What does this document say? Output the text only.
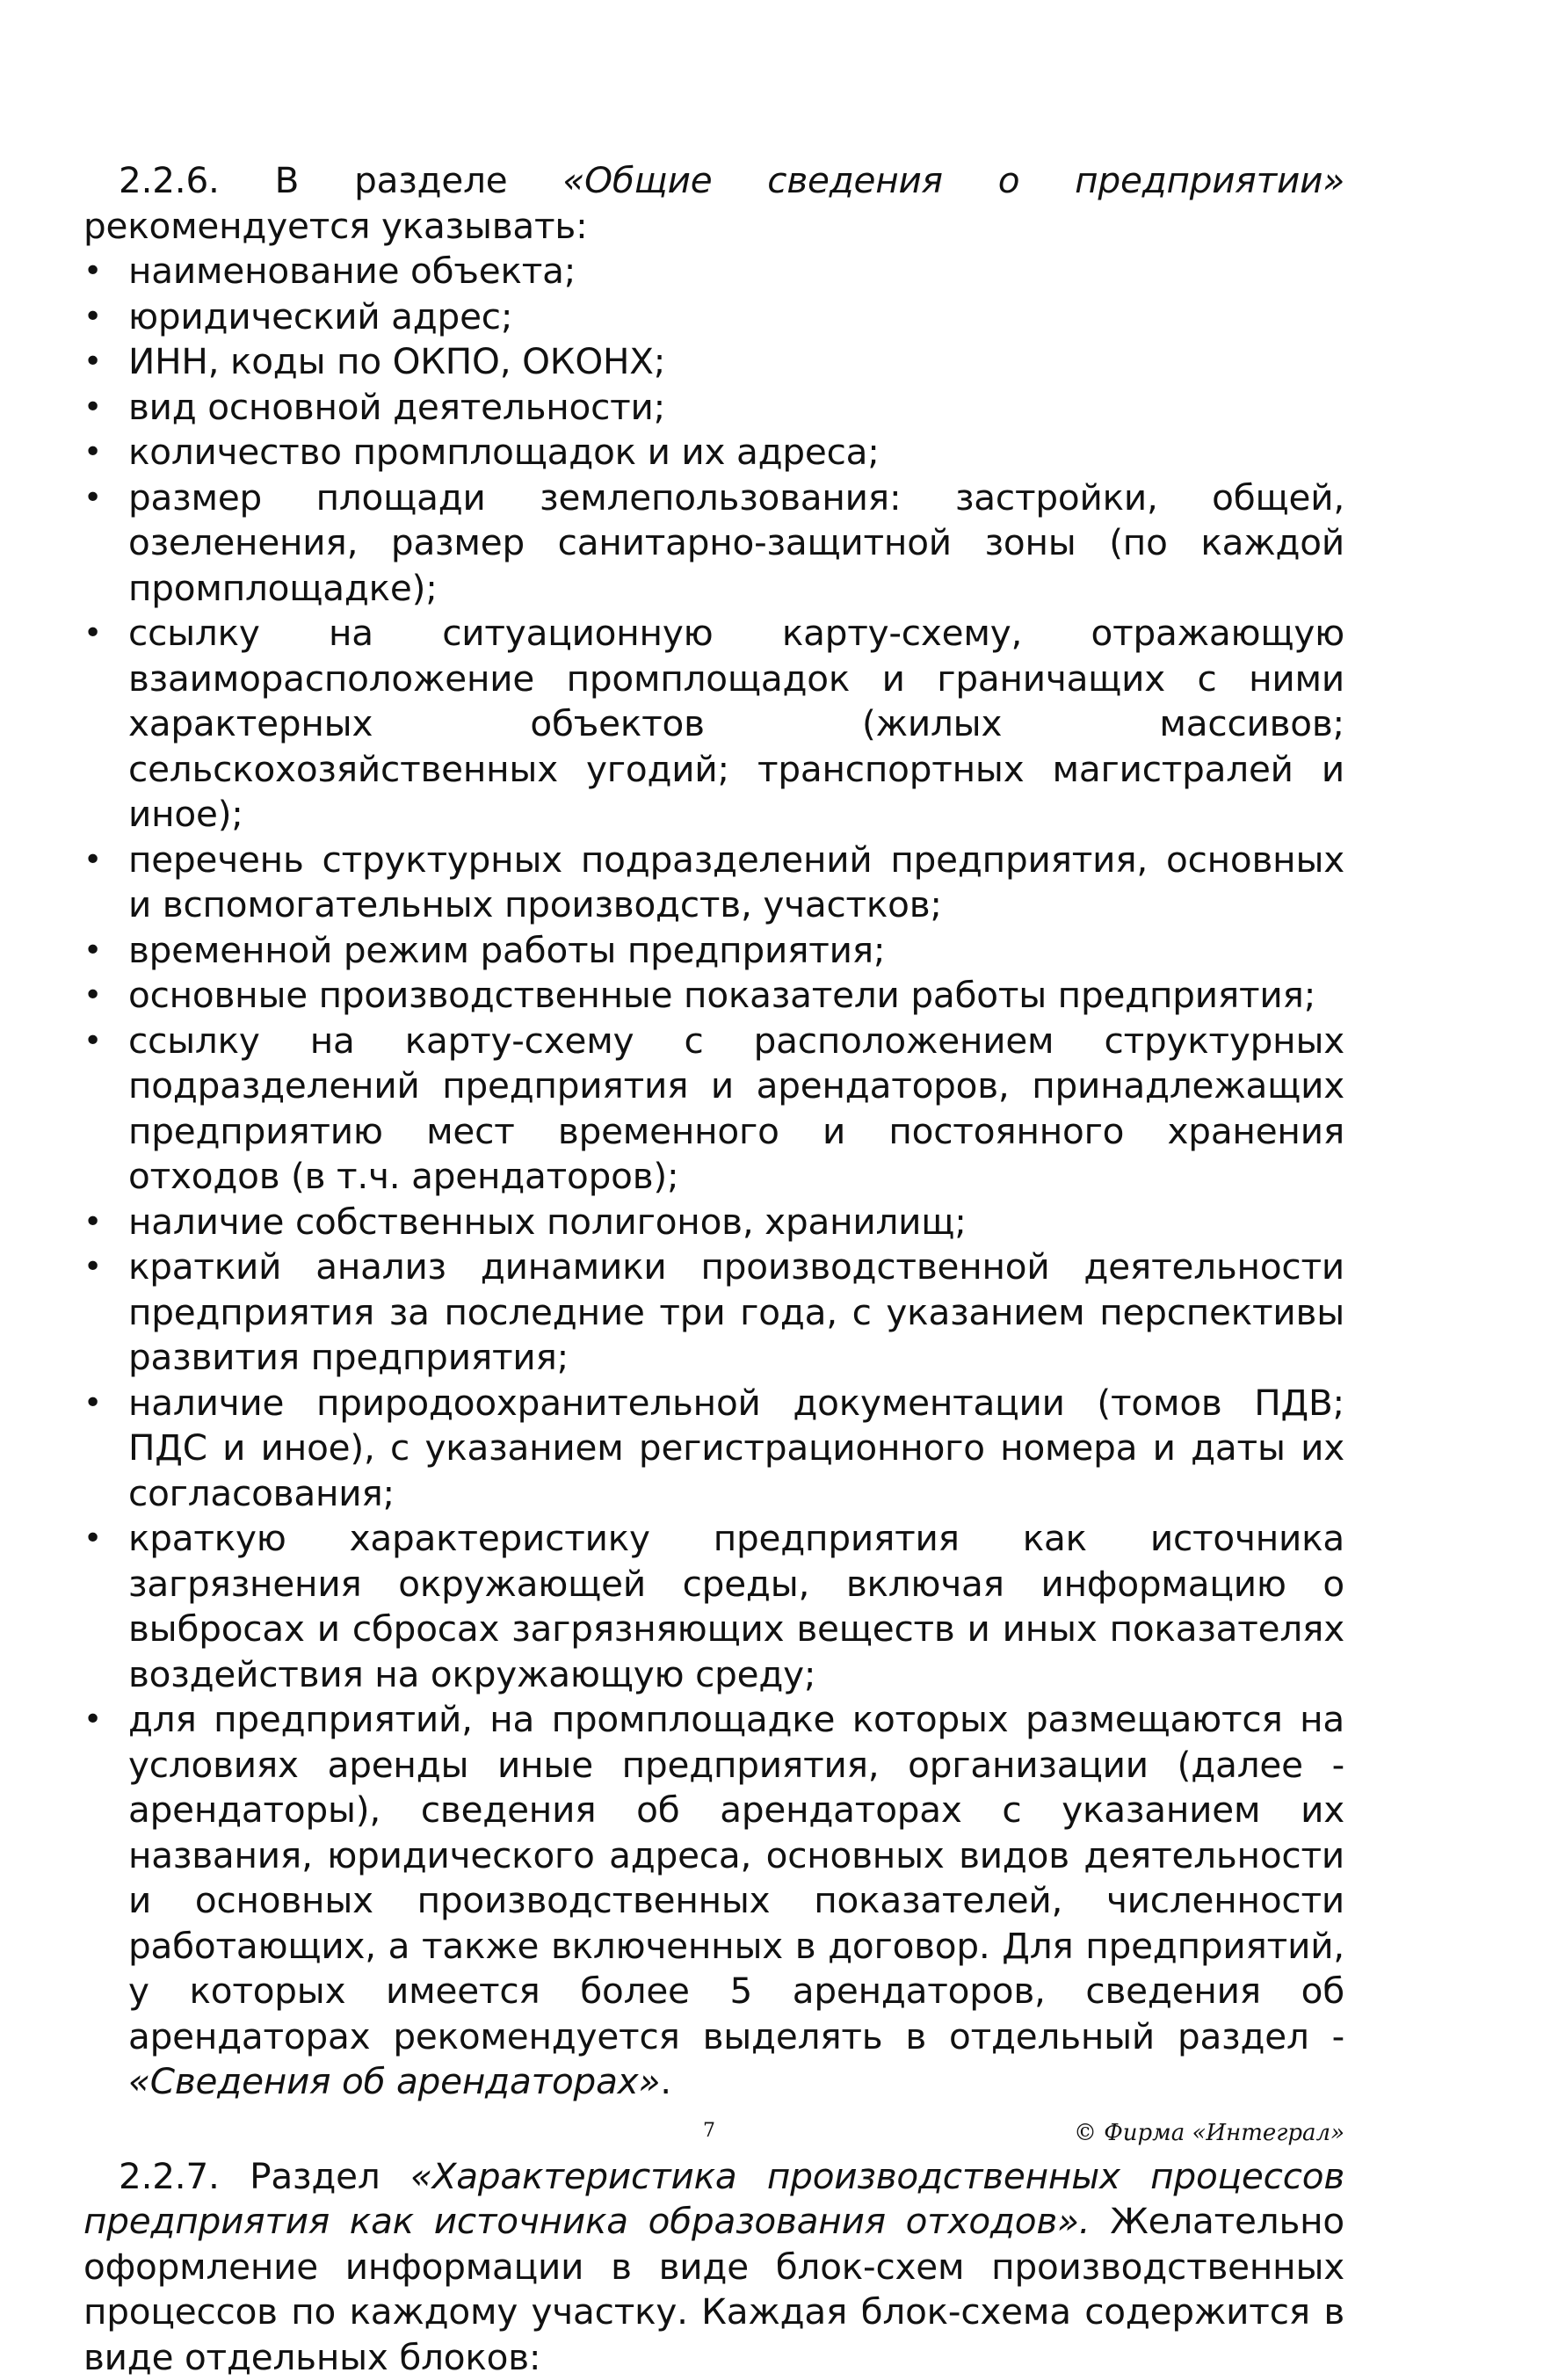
2.2.6. В разделе «Общие сведения о предприятии» рекомендуется указывать:

• наименование объекта;
• юридический адрес;
• ИНН, коды по ОКПО, ОКОНХ;
• вид основной деятельности;
• количество промплощадок и их адреса;
• размер площади землепользования: застройки, общей, озеленения, размер санитарно-защитной зоны (по каждой промплощадке);
• ссылку на ситуационную карту-схему, отражающую взаиморасположение промплощадок и граничащих с ними характерных объектов (жилых массивов; сельскохозяйственных угодий; транспортных магистралей и иное);
• перечень структурных подразделений предприятия, основных и вспомогательных производств, участков;
• временной режим работы предприятия;
• основные производственные показатели работы предприятия;
• ссылку на карту-схему с расположением структурных подразделений предприятия и арендаторов, принадлежащих предприятию мест временного и постоянного хранения отходов (в т.ч. арендаторов);
• наличие собственных полигонов, хранилищ;
• краткий анализ динамики производственной деятельности предприятия за последние три года, с указанием перспективы развития предприятия;
• наличие природоохранительной документации (томов ПДВ; ПДС и иное), с указанием регистрационного номера и даты их согласования;
• краткую характеристику предприятия как источника загрязнения окружающей среды, включая информацию о выбросах и сбросах загрязняющих веществ и иных показателях воздействия на окружающую среду;
• для предприятий, на промплощадке которых размещаются на условиях аренды иные предприятия, организации (далее - арендаторы), сведения об арендаторах с указанием их названия, юридического адреса, основных видов деятельности и основных производственных показателей, численности работающих, а также включенных в договор. Для предприятий, у которых имеется более 5 арендаторов, сведения об арендаторах рекомендуется выделять в отдельный раздел - «Сведения об арендаторах».

2.2.7. Раздел «Характеристика производственных процессов предприятия как источника образования отходов». Желательно оформление информации в виде блок-схем производственных процессов по каждому участку. Каждая блок-схема содержится в виде отдельных блоков:

7	© Фирма «Интеграл»
